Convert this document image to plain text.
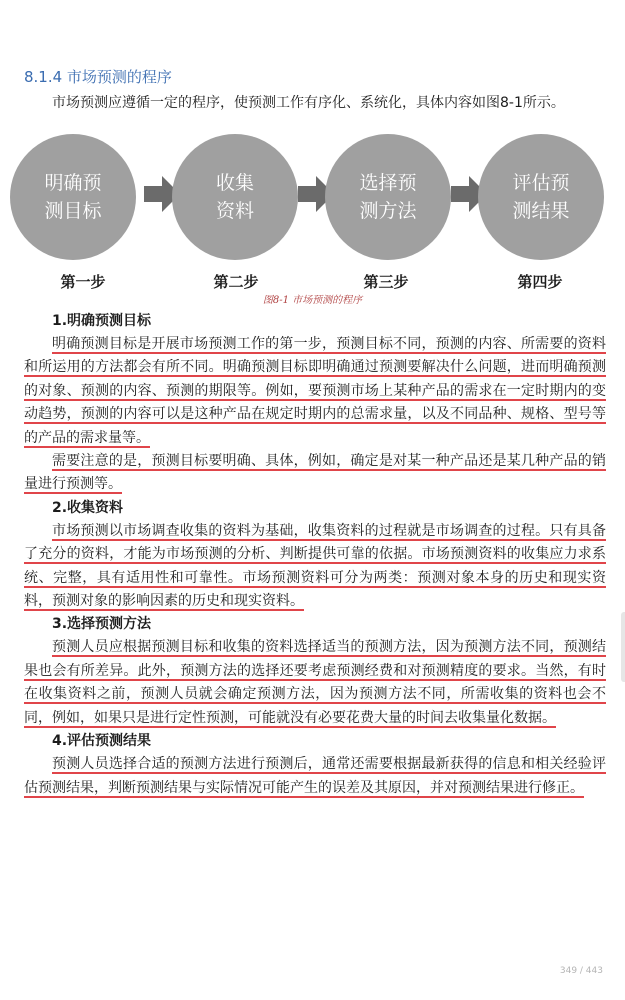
8.1.4 市场预测的程序

市场预测应遵循一定的程序，使预测工作有序化、系统化，具体内容如图8-1所示。

明确预
测目标
收集
资料
选择预
测方法
评估预
测结果
第一步	第二步	第三步	第四步
图8-1 市场预测的程序
1.明确预测目标

明确预测目标是开展市场预测工作的第一步，预测目标不同，预测的内容、所需要的资料和所运用的方法都会有所不同。明确预测目标即明确通过预测要解决什么问题，进而明确预测的对象、预测的内容、预测的期限等。例如，要预测市场上某种产品的需求在一定时期内的变动趋势，预测的内容可以是这种产品在规定时期内的总需求量，以及不同品种、规格、型号等的产品的需求量等。

需要注意的是，预测目标要明确、具体，例如，确定是对某一种产品还是某几种产品的销量进行预测等。

2.收集资料

市场预测以市场调查收集的资料为基础，收集资料的过程就是市场调查的过程。只有具备了充分的资料，才能为市场预测的分析、判断提供可靠的依据。市场预测资料的收集应力求系统、完整，具有适用性和可靠性。市场预测资料可分为两类：预测对象本身的历史和现实资料，预测对象的影响因素的历史和现实资料。

3.选择预测方法

预测人员应根据预测目标和收集的资料选择适当的预测方法，因为预测方法不同，预测结果也会有所差异。此外，预测方法的选择还要考虑预测经费和对预测精度的要求。当然，有时在收集资料之前，预测人员就会确定预测方法，因为预测方法不同，所需收集的资料也会不同，例如，如果只是进行定性预测，可能就没有必要花费大量的时间去收集量化数据。

4.评估预测结果

预测人员选择合适的预测方法进行预测后，通常还需要根据最新获得的信息和相关经验评估预测结果，判断预测结果与实际情况可能产生的误差及其原因，并对预测结果进行修正。

349 / 443
